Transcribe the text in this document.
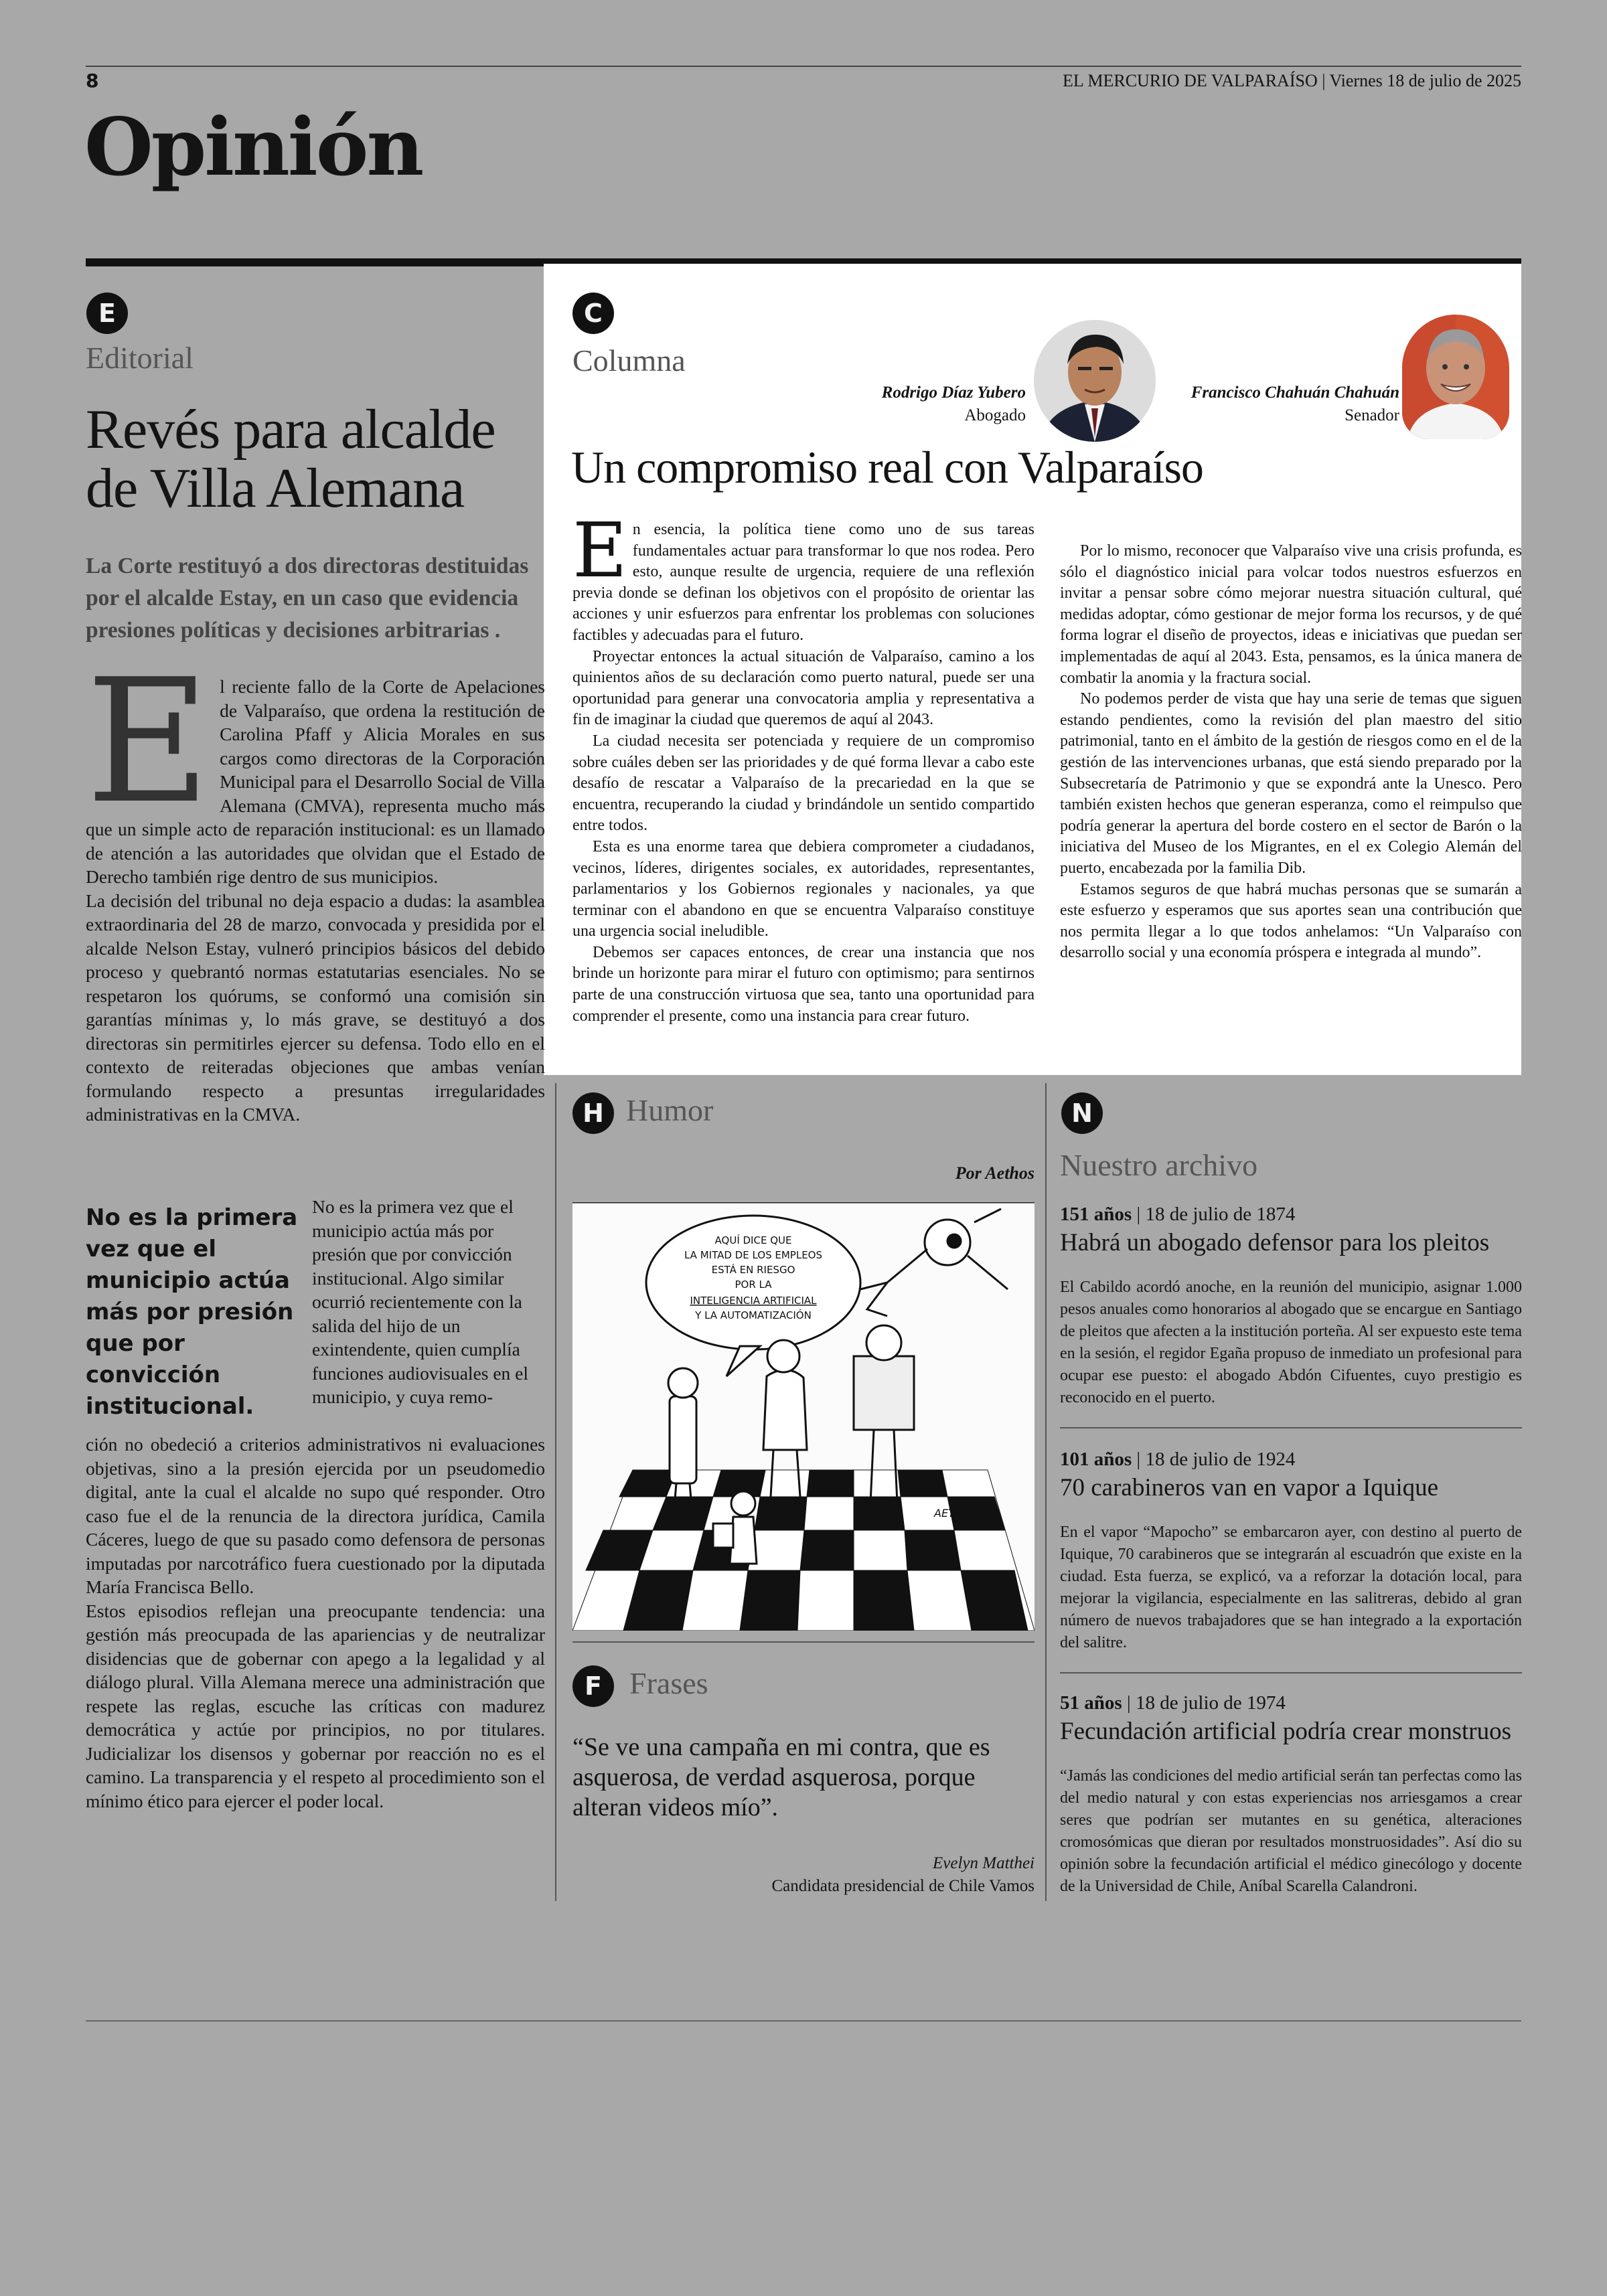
8	EL MERCURIO DE VALPARAÍSO | Viernes 18 de julio de 2025
Opinión
E
Editorial
Revés para alcalde
de Villa Alemana
La Corte restituyó a dos directoras destituidas por el alcalde Estay, en un caso que evidencia presiones políticas y decisiones arbitrarias .

El reciente fallo de la Corte de Apelaciones de Valparaíso, que ordena la restitución de Carolina Pfaff y Alicia Morales en sus cargos como directoras de la Corporación Municipal para el Desarrollo Social de Villa Alemana (CMVA), representa mucho más que un simple acto de reparación institucional: es un llamado de atención a las autoridades que olvidan que el Estado de Derecho también rige dentro de sus municipios.

La decisión del tribunal no deja espacio a dudas: la asamblea extraordinaria del 28 de marzo, convocada y presidida por el alcalde Nelson Estay, vulneró principios básicos del debido proceso y quebrantó normas estatutarias esenciales. No se respetaron los quórums, se conformó una comisión sin garantías mínimas y, lo más grave, se destituyó a dos directoras sin permitirles ejercer su defensa. Todo ello en el contexto de reiteradas objeciones que ambas venían formulando respecto a presuntas irregularidades administrativas en la CMVA.

No es la primera vez que el municipio actúa más por presión que por convicción institucional.
No es la primera vez que el municipio actúa más por presión que por convicción institucional. Algo similar ocurrió recientemente con la salida del hijo de un exintendente, quien cumplía funciones audiovisuales en el municipio, y cuya remo-

ción no obedeció a criterios administrativos ni evaluaciones objetivas, sino a la presión ejercida por un pseudomedio digital, ante la cual el alcalde no supo qué responder. Otro caso fue el de la renuncia de la directora jurídica, Camila Cáceres, luego de que su pasado como defensora de personas imputadas por narcotráfico fuera cuestionado por la diputada María Francisca Bello.

Estos episodios reflejan una preocupante tendencia: una gestión más preocupada de las apariencias y de neutralizar disidencias que de gobernar con apego a la legalidad y al diálogo plural. Villa Alemana merece una administración que respete las reglas, escuche las críticas con madurez democrática y actúe por principios, no por titulares. Judicializar los disensos y gobernar por reacción no es el camino. La transparencia y el respeto al procedimiento son el mínimo ético para ejercer el poder local.

C
Columna
Rodrigo Díaz Yubero
Abogado
Francisco Chahuán Chahuán
Senador
Un compromiso real con Valparaíso

En esencia, la política tiene como uno de sus tareas fundamentales actuar para transformar lo que nos rodea. Pero esto, aunque resulte de urgencia, requiere de una reflexión previa donde se definan los objetivos con el propósito de orientar las acciones y unir esfuerzos para enfrentar los problemas con soluciones factibles y adecuadas para el futuro.

Proyectar entonces la actual situación de Valparaíso, camino a los quinientos años de su declaración como puerto natural, puede ser una oportunidad para generar una convocatoria amplia y representativa a fin de imaginar la ciudad que queremos de aquí al 2043.

La ciudad necesita ser potenciada y requiere de un compromiso sobre cuáles deben ser las prioridades y de qué forma llevar a cabo este desafío de rescatar a Valparaíso de la precariedad en la que se encuentra, recuperando la ciudad y brindándole un sentido compartido entre todos.

Esta es una enorme tarea que debiera comprometer a ciudadanos, vecinos, líderes, dirigentes sociales, ex autoridades, representantes, parlamentarios y los Gobiernos regionales y nacionales, ya que terminar con el abandono en que se encuentra Valparaíso constituye una urgencia social ineludible.

Debemos ser capaces entonces, de crear una instancia que nos brinde un horizonte para mirar el futuro con optimismo; para sentirnos parte de una construcción virtuosa que sea, tanto una oportunidad para comprender el presente, como una instancia para crear futuro.

Por lo mismo, reconocer que Valparaíso vive una crisis profunda, es sólo el diagnóstico inicial para volcar todos nuestros esfuerzos en invitar a pensar sobre cómo mejorar nuestra situación cultural, qué medidas adoptar, cómo gestionar de mejor forma los recursos, y de qué forma lograr el diseño de proyectos, ideas e iniciativas que puedan ser implementadas de aquí al 2043. Esta, pensamos, es la única manera de combatir la anomia y la fractura social.

No podemos perder de vista que hay una serie de temas que siguen estando pendientes, como la revisión del plan maestro del sitio patrimonial, tanto en el ámbito de la gestión de riesgos como en el de la gestión de las intervenciones urbanas, que está siendo preparado por la Subsecretaría de Patrimonio y que se expondrá ante la Unesco. Pero también existen hechos que generan esperanza, como el reimpulso que podría generar la apertura del borde costero en el sector de Barón o la iniciativa del Museo de los Migrantes, en el ex Colegio Alemán del puerto, encabezada por la familia Dib.

Estamos seguros de que habrá muchas personas que se sumarán a este esfuerzo y esperamos que sus aportes sean una contribución que nos permita llegar a lo que todos anhelamos: “Un Valparaíso con desarrollo social y una economía próspera e integrada al mundo”.

H Humor
Por Aethos
AQUÍ DICE QUE
LA MITAD DE LOS EMPLEOS
ESTÁ EN RIESGO
POR LA
INTELIGENCIA ARTIFICIAL
Y LA AUTOMATIZACIÓN
AETHOS
F Frases
“Se ve una campaña en mi contra, que es asquerosa, de verdad asquerosa, porque alteran videos mío”.
Evelyn Matthei
Candidata presidencial de Chile Vamos
N
Nuestro archivo
151 años | 18 de julio de 1874
Habrá un abogado defensor para los pleitos
El Cabildo acordó anoche, en la reunión del municipio, asignar 1.000 pesos anuales como honorarios al abogado que se encargue en Santiago de pleitos que afecten a la institución porteña. Al ser expuesto este tema en la sesión, el regidor Egaña propuso de inmediato un profesional para ocupar ese puesto: el abogado Abdón Cifuentes, cuyo prestigio es reconocido en el puerto.
101 años | 18 de julio de 1924
70 carabineros van en vapor a Iquique
En el vapor “Mapocho” se embarcaron ayer, con destino al puerto de Iquique, 70 carabineros que se integrarán al escuadrón que existe en la ciudad. Esta fuerza, se explicó, va a reforzar la dotación local, para mejorar la vigilancia, especialmente en las salitreras, debido al gran número de nuevos trabajadores que se han integrado a la exportación del salitre.
51 años | 18 de julio de 1974
Fecundación artificial podría crear monstruos
“Jamás las condiciones del medio artificial serán tan perfectas como las del medio natural y con estas experiencias nos arriesgamos a crear seres que podrían ser mutantes en su genética, alteraciones cromosómicas que dieran por resultados monstruosidades”. Así dio su opinión sobre la fecundación artificial el médico ginecólogo y docente de la Universidad de Chile, Aníbal Scarella Calandroni.
